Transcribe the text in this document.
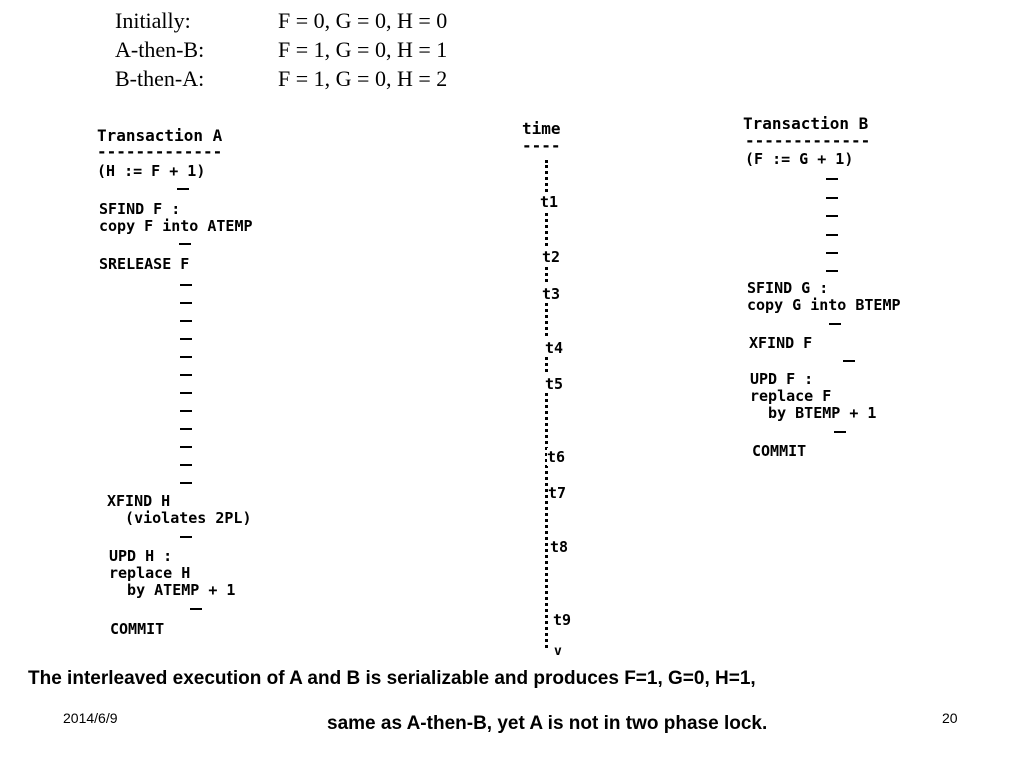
Initially:	F = 0, G = 0, H = 0
A-then-B:	F = 1, G = 0, H = 1
B-then-A:	F = 1, G = 0, H = 2
Transaction A
-------------
(H := F + 1)
SFIND F :
copy F into ATEMP
SRELEASE F
XFIND H
(violates 2PL)
UPD H :
replace H
by ATEMP + 1
COMMIT
time
----
t1
t2
t3
t4
t5
t6
t7
t8
t9
v
Transaction B
-------------
(F := G + 1)
SFIND G :
copy G into BTEMP
XFIND F
UPD F :
replace F
by BTEMP + 1
COMMIT
The interleaved execution of A and B is serializable and produces F=1, G=0, H=1,
same as A-then-B, yet A is not in two phase lock.
2014/6/9	20
